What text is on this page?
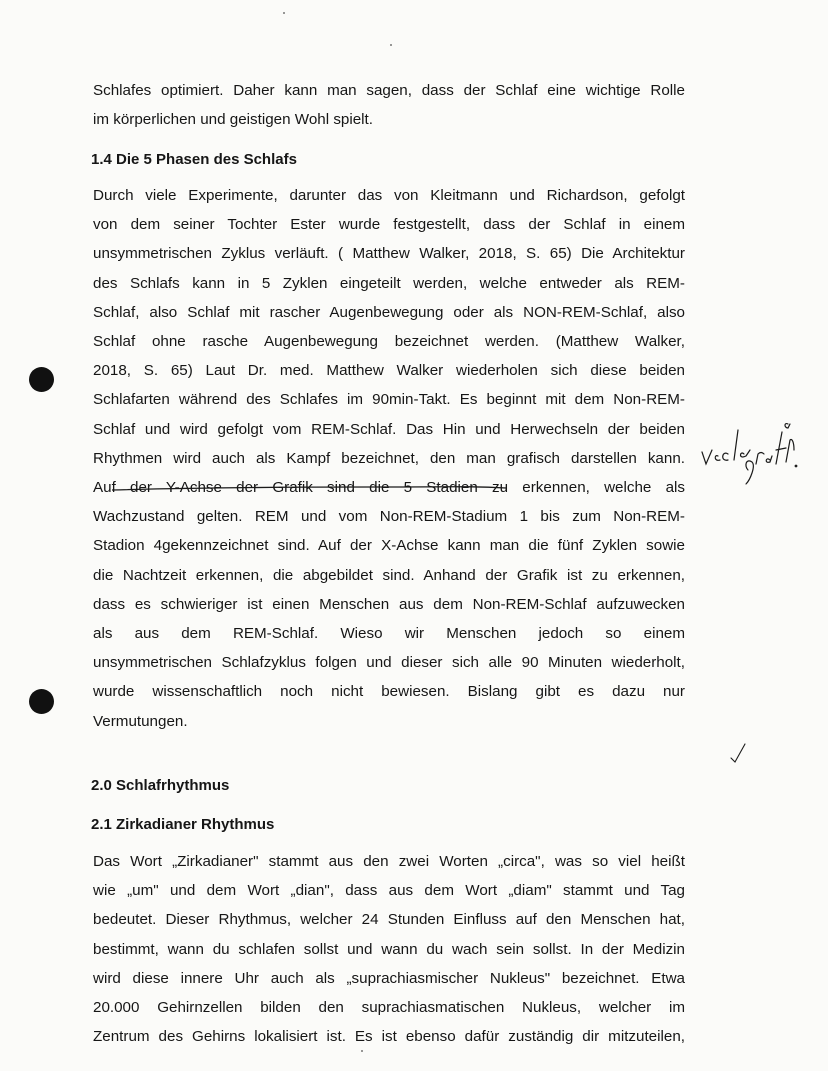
Schlafes optimiert. Daher kann man sagen, dass der Schlaf eine wichtige Rolle
im körperlichen und geistigen Wohl spielt.
1.4 Die 5 Phasen des Schlafs
Durch viele Experimente, darunter das von Kleitmann und Richardson, gefolgt
von dem seiner Tochter Ester wurde festgestellt, dass der Schlaf in einem
unsymmetrischen Zyklus verläuft. ( Matthew Walker, 2018, S. 65) Die Architektur
des Schlafs kann in 5 Zyklen eingeteilt werden, welche entweder als REM-
Schlaf, also Schlaf mit rascher Augenbewegung oder als NON-REM-Schlaf, also
Schlaf ohne rasche Augenbewegung bezeichnet werden. (Matthew Walker,
2018, S. 65) Laut Dr. med. Matthew Walker wiederholen sich diese beiden
Schlafarten während des Schlafes im 90min-Takt. Es beginnt mit dem Non-REM-
Schlaf und wird gefolgt vom REM-Schlaf. Das Hin und Herwechseln der beiden
Rhythmen wird auch als Kampf bezeichnet, den man grafisch darstellen kann.
Auf der Y-Achse der Grafik sind die 5 Stadien zu erkennen, welche als
Wachzustand gelten. REM und vom Non-REM-Stadium 1 bis zum Non-REM-
Stadion 4gekennzeichnet sind. Auf der X-Achse kann man die fünf Zyklen sowie
die Nachtzeit erkennen, die abgebildet sind. Anhand der Grafik ist zu erkennen,
dass es schwieriger ist einen Menschen aus dem Non-REM-Schlaf aufzuwecken
als aus dem REM-Schlaf. Wieso wir Menschen jedoch so einem
unsymmetrischen Schlafzyklus folgen und dieser sich alle 90 Minuten wiederholt,
wurde wissenschaftlich noch nicht bewiesen. Bislang gibt es dazu nur
Vermutungen.
2.0 Schlafrhythmus
2.1 Zirkadianer Rhythmus
Das Wort „Zirkadianer" stammt aus den zwei Worten „circa", was so viel heißt
wie „um" und dem Wort „dian", dass aus dem Wort „diam" stammt und Tag
bedeutet. Dieser Rhythmus, welcher 24 Stunden Einfluss auf den Menschen hat,
bestimmt, wann du schlafen sollst und wann du wach sein sollst. In der Medizin
wird diese innere Uhr auch als „suprachiasmischer Nukleus" bezeichnet. Etwa
20.000 Gehirnzellen bilden den suprachiasmatischen Nukleus, welcher im
Zentrum des Gehirns lokalisiert ist. Es ist ebenso dafür zuständig dir mitzuteilen,
